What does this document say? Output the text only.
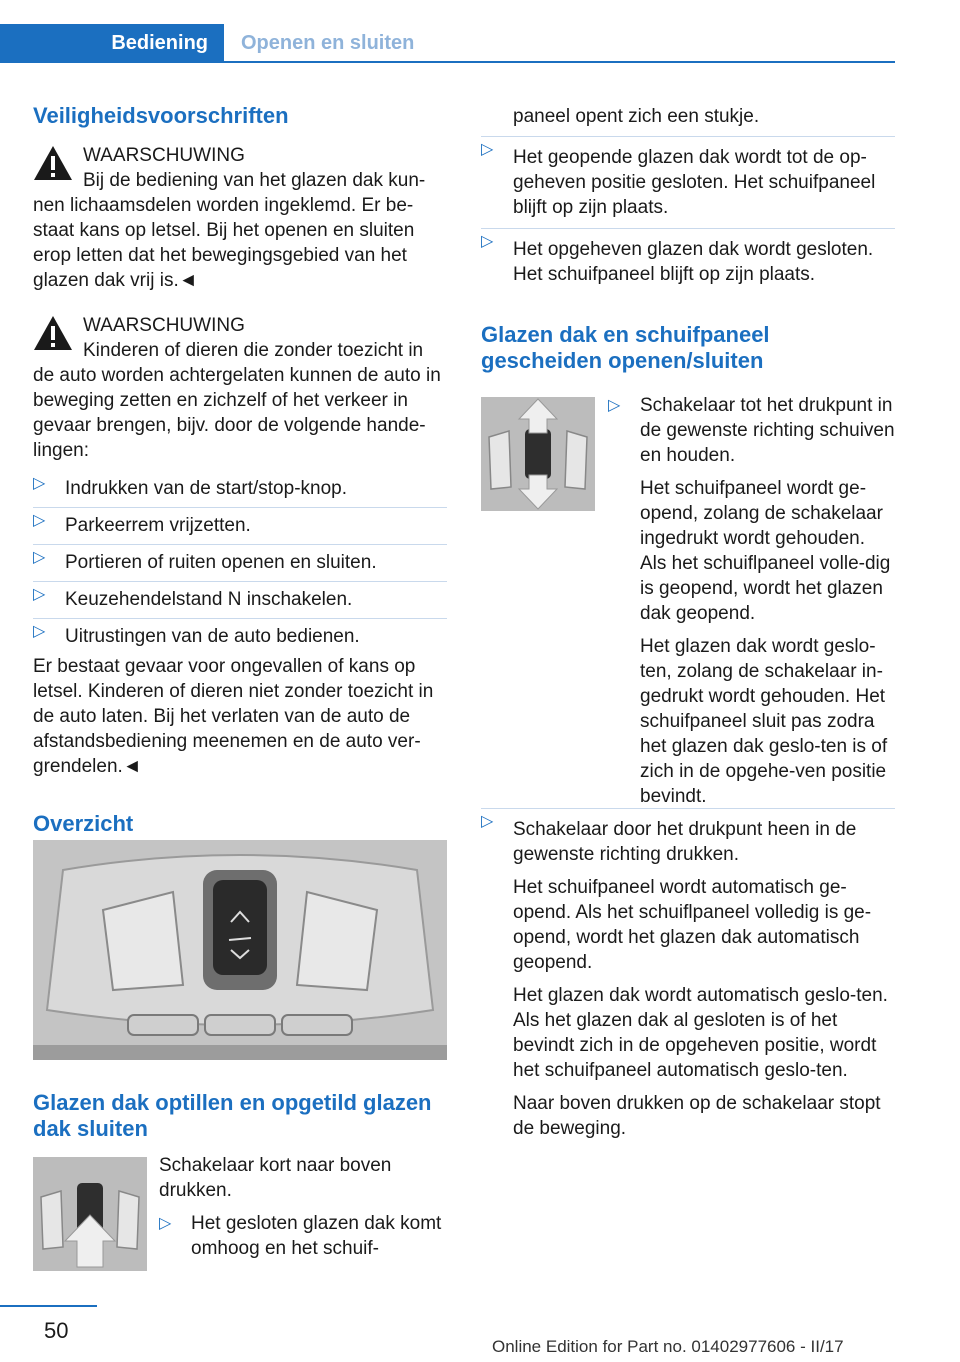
Bediening	Openen en sluiten
Veiligheidsvoorschriften

WAARSCHUWING

Bij de bediening van het glazen dak kun-

nen lichaamsdelen worden ingeklemd. Er be-staat kans op letsel. Bij het openen en sluiten erop letten dat het bewegingsgebied van het glazen dak vrij is.◄

WAARSCHUWING

Kinderen of dieren die zonder toezicht in

de auto worden achtergelaten kunnen de auto in beweging zetten en zichzelf of het verkeer in gevaar brengen, bijv. door de volgende hande-lingen:

▷ Indrukken van de start/stop-knop.
▷ Parkeerrem vrijzetten.
▷ Portieren of ruiten openen en sluiten.
▷ Keuzehendelstand N inschakelen.
▷ Uitrustingen van de auto bedienen.

Er bestaat gevaar voor ongevallen of kans op letsel. Kinderen of dieren niet zonder toezicht in de auto laten. Bij het verlaten van de auto de afstandsbediening meenemen en de auto ver-grendelen.◄

Overzicht
Glazen dak optillen en opgetild glazen dak sluiten

Schakelaar kort naar boven drukken.

▷ Het gesloten glazen dak komt omhoog en het schuif-

paneel opent zich een stukje.

▷ Het geopende glazen dak wordt tot de op-geheven positie gesloten. Het schuifpaneel blijft op zijn plaats.
▷ Het opgeheven glazen dak wordt gesloten. Het schuifpaneel blijft op zijn plaats.
Glazen dak en schuifpaneel gescheiden openen/sluiten
▷ Schakelaar tot het drukpunt in de gewenste richting schuiven en houden.

Het schuifpaneel wordt ge-opend, zolang de schakelaar ingedrukt wordt gehouden. Als het schuiflpaneel volle-dig is geopend, wordt het glazen dak geopend.

Het glazen dak wordt geslo-ten, zolang de schakelaar in-gedrukt wordt gehouden. Het schuifpaneel sluit pas zodra het glazen dak geslo-ten is of zich in de opgehe-ven positie bevindt.

▷ Schakelaar door het drukpunt heen in de gewenste richting drukken.

Het schuifpaneel wordt automatisch ge-opend. Als het schuiflpaneel volledig is ge-opend, wordt het glazen dak automatisch geopend.

Het glazen dak wordt automatisch geslo-ten. Als het glazen dak al gesloten is of het bevindt zich in de opgeheven positie, wordt het schuifpaneel automatisch geslo-ten.

Naar boven drukken op de schakelaar stopt de beweging.

50
Online Edition for Part no. 01402977606 - II/17
